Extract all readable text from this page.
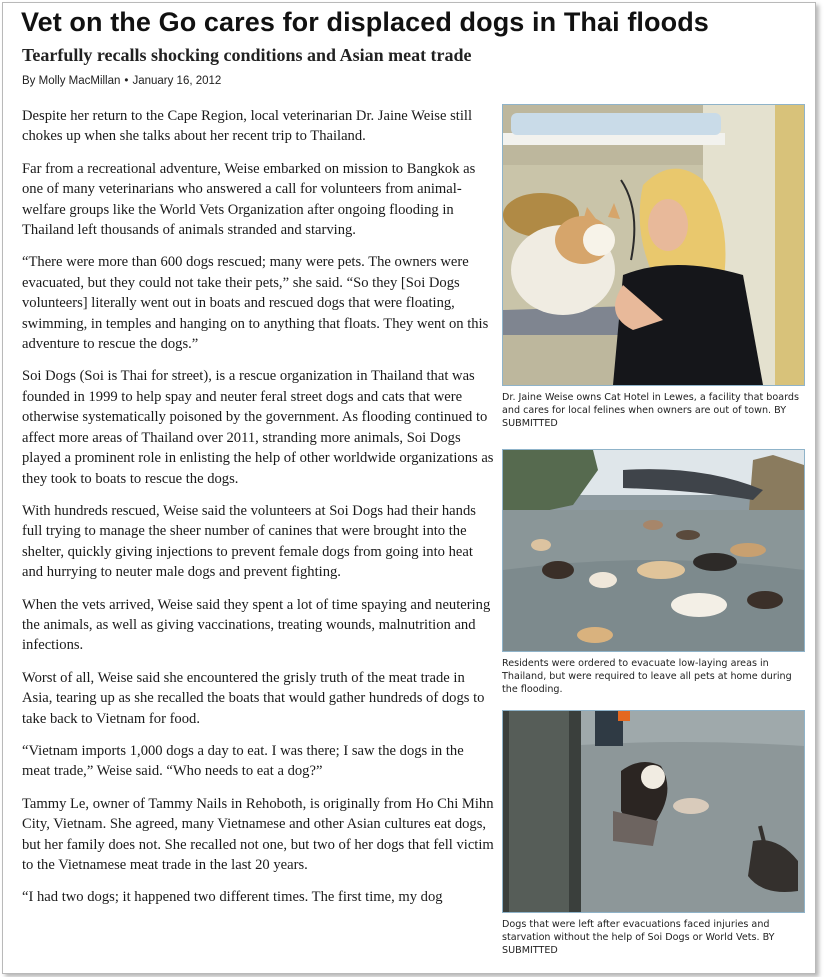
Vet on the Go cares for displaced dogs in Thai floods
Tearfully recalls shocking conditions and Asian meat trade
By Molly MacMillan • January 16, 2012

Despite her return to the Cape Region, local veterinarian Dr. Jaine Weise still chokes up when she talks about her recent trip to Thailand.

Far from a recreational adventure, Weise embarked on mission to Bangkok as one of many veterinarians who answered a call for volunteers from animal-welfare groups like the World Vets Organization after ongoing flooding in Thailand left thousands of animals stranded and starving.

“There were more than 600 dogs rescued; many were pets. The owners were evacuated, but they could not take their pets,” she said. “So they [Soi Dogs volunteers] literally went out in boats and rescued dogs that were floating, swimming, in temples and hanging on to anything that floats. They went on this adventure to rescue the dogs.”

Soi Dogs (Soi is Thai for street), is a rescue organization in Thailand that was founded in 1999 to help spay and neuter feral street dogs and cats that were otherwise systematically poisoned by the government. As flooding continued to affect more areas of Thailand over 2011, stranding more animals, Soi Dogs played a prominent role in enlisting the help of other worldwide organizations as they took to boats to rescue the dogs.

With hundreds rescued, Weise said the volunteers at Soi Dogs had their hands full trying to manage the sheer number of canines that were brought into the shelter, quickly giving injections to prevent female dogs from going into heat and hurrying to neuter male dogs and prevent fighting.

When the vets arrived, Weise said they spent a lot of time spaying and neutering the animals, as well as giving vaccinations, treating wounds, malnutrition and infections.

Worst of all, Weise said she encountered the grisly truth of the meat trade in Asia, tearing up as she recalled the boats that would gather hundreds of dogs to take back to Vietnam for food.

“Vietnam imports 1,000 dogs a day to eat. I was there; I saw the dogs in the meat trade,” Weise said. “Who needs to eat a dog?”

Tammy Le, owner of Tammy Nails in Rehoboth, is originally from Ho Chi Mihn City, Vietnam. She agreed, many Vietnamese and other Asian cultures eat dogs, but her family does not. She recalled not one, but two of her dogs that fell victim to the Vietnamese meat trade in the last 20 years.

“I had two dogs; it happened two different times. The first time, my dog

Dr. Jaine Weise owns Cat Hotel in Lewes, a facility that boards and cares for local felines when owners are out of town. BY SUBMITTED
Residents were ordered to evacuate low-laying areas in Thailand, but were required to leave all pets at home during the flooding.
Dogs that were left after evacuations faced injuries and starvation without the help of Soi Dogs or World Vets. BY SUBMITTED
